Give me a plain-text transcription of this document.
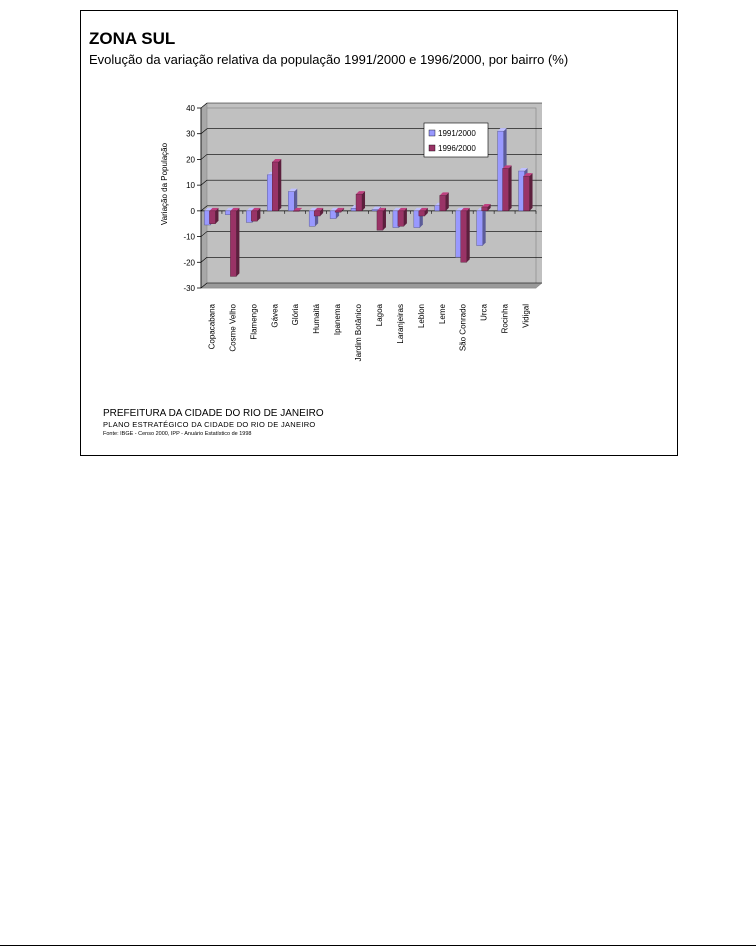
ZONA SUL
Evolução da variação relativa da população 1991/2000 e 1996/2000, por bairro (%)
-30
-20
-10
0
10
20
30
40
Variação da População
Copacabana Cosme Velho Flamengo Gávea Glória Humaitá Ipanema Jardim Botânico Lagoa Laranjeiras Leblon Leme São Conrado Urca Rocinha Vidigal
1991/2000
1996/2000
PREFEITURA DA CIDADE DO RIO DE JANEIRO
PLANO ESTRATÉGICO DA CIDADE DO RIO DE JANEIRO
Fonte: IBGE - Censo 2000, IPP - Anuário Estatístico de 1998
